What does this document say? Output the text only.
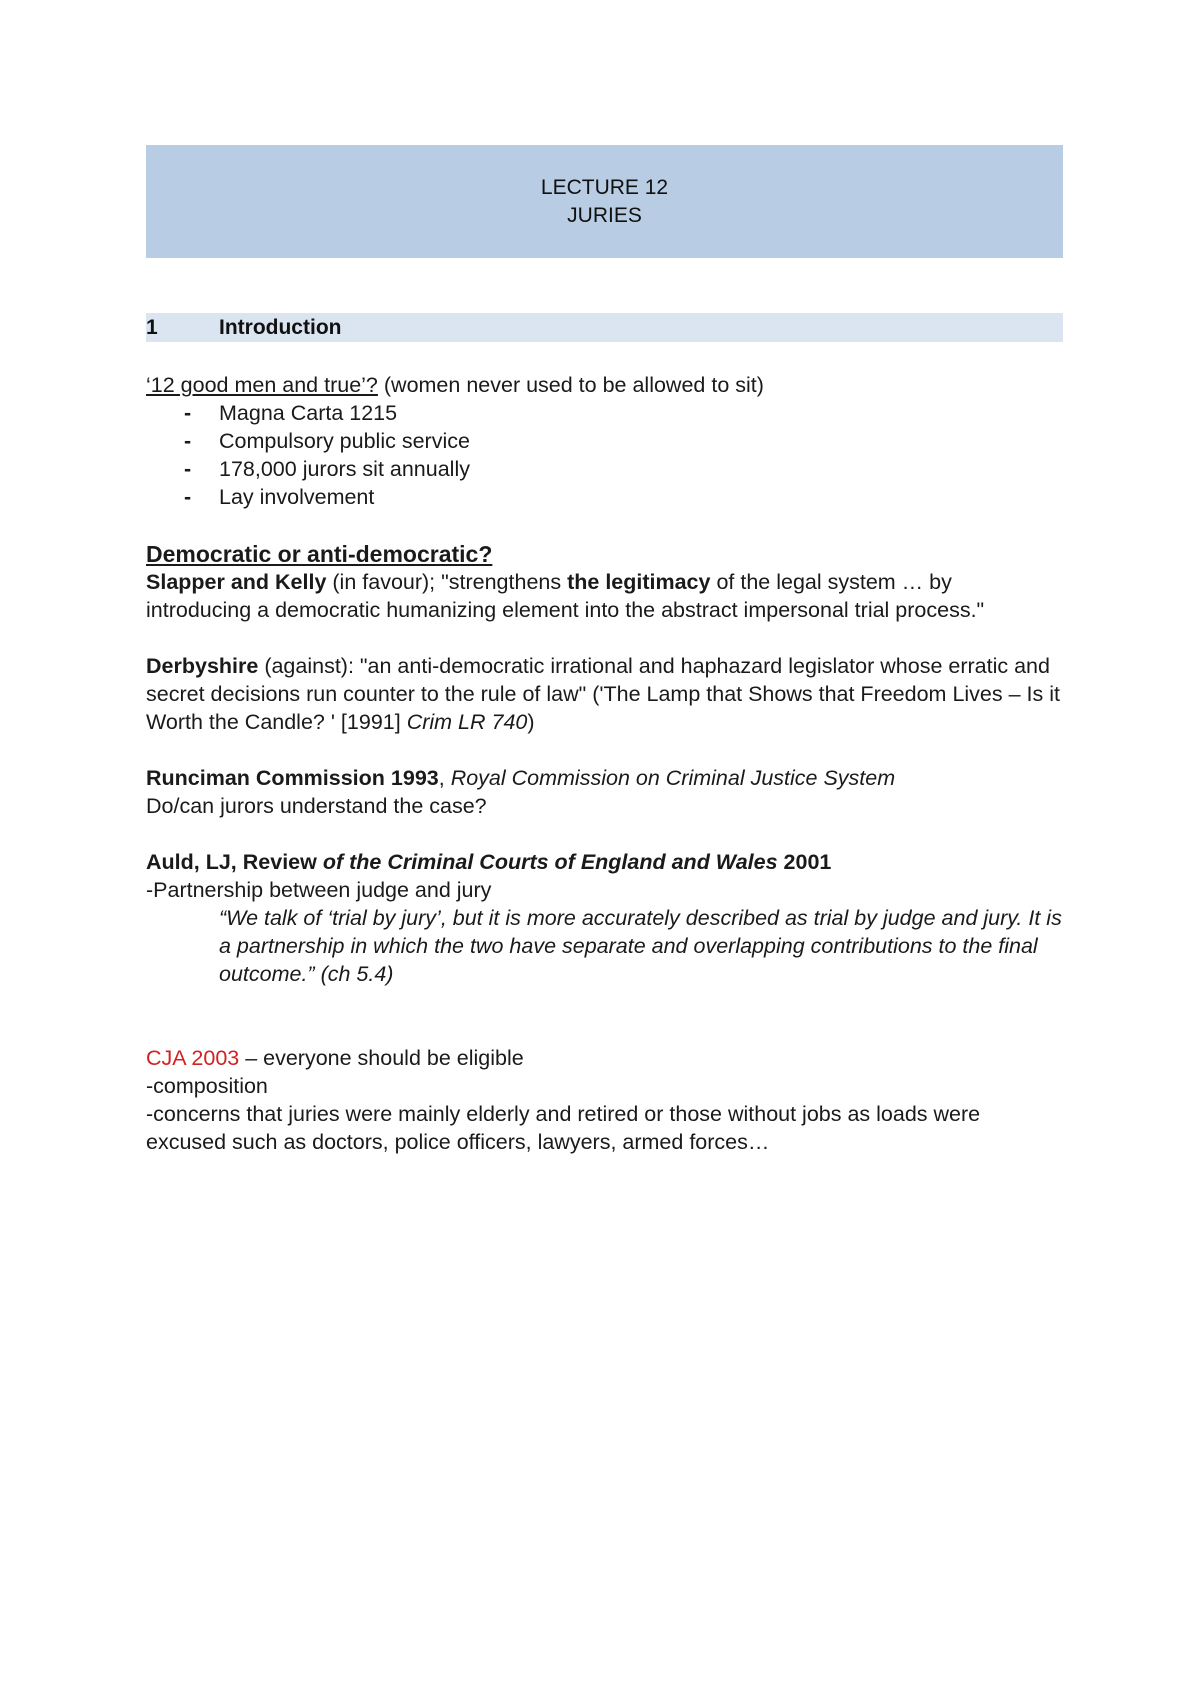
LECTURE 12
JURIES
1	Introduction

‘12 good men and true’? (women never used to be allowed to sit)

- Magna Carta 1215
- Compulsory public service
- 178,000 jurors sit annually
- Lay involvement

Democratic or anti-democratic?

Slapper and Kelly (in favour); "strengthens the legitimacy of the legal system … by introducing a democratic humanizing element into the abstract impersonal trial process."

Derbyshire (against): "an anti-democratic irrational and haphazard legislator whose erratic and secret decisions run counter to the rule of law" ('The Lamp that Shows that Freedom Lives – Is it Worth the Candle? ' [1991] Crim LR 740)

Runciman Commission 1993, Royal Commission on Criminal Justice System

Do/can jurors understand the case?

Auld, LJ, Review of the Criminal Courts of England and Wales 2001

-Partnership between judge and jury

“We talk of ‘trial by jury’, but it is more accurately described as trial by judge and jury. It is a partnership in which the two have separate and overlapping contributions to the final outcome.” (ch 5.4)

CJA 2003 – everyone should be eligible

-composition

-concerns that juries were mainly elderly and retired or those without jobs as loads were excused such as doctors, police officers, lawyers, armed forces…
